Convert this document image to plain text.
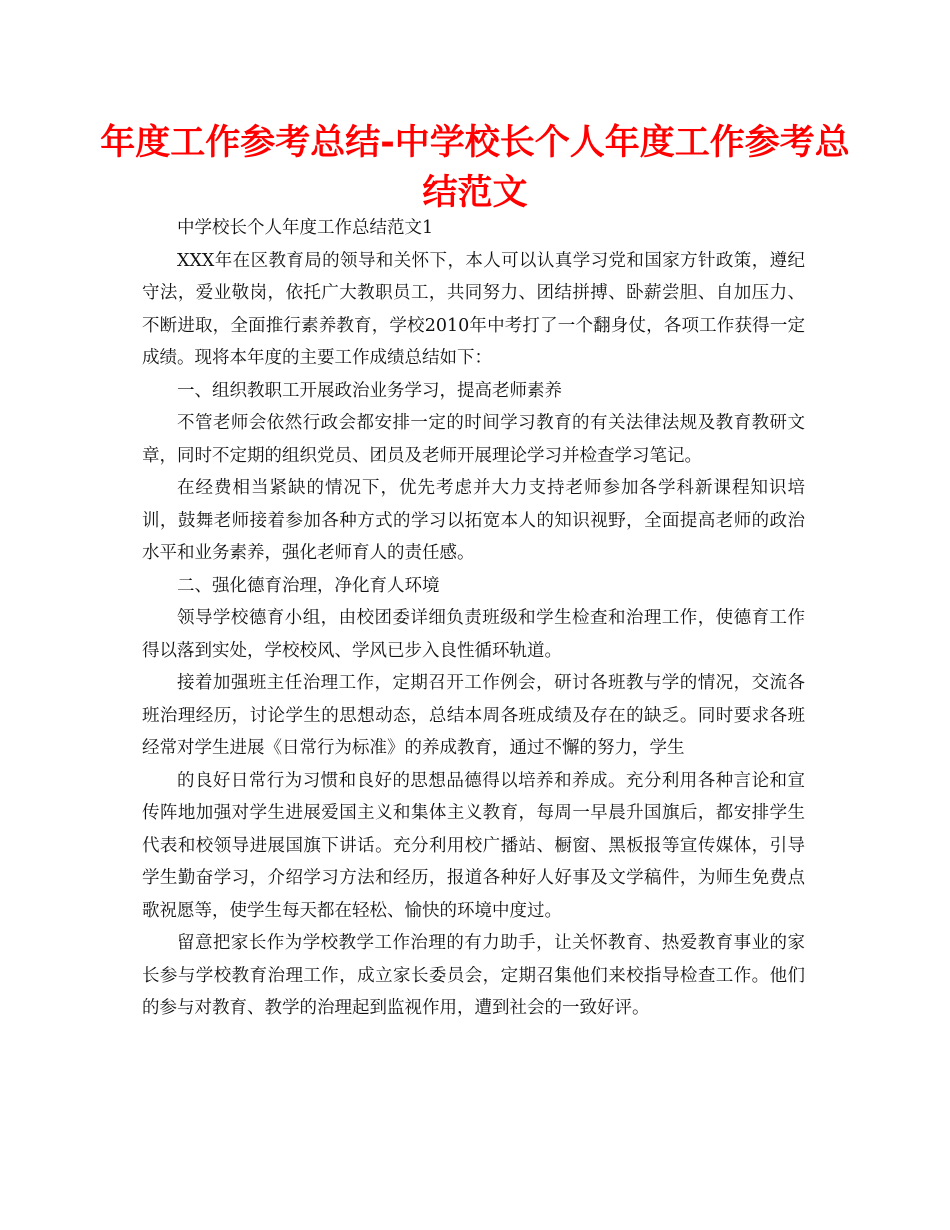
年度工作参考总结-中学校长个人年度工作参考总结范文

中学校长个人年度工作总结范文1

XXX年在区教育局的领导和关怀下，本人可以认真学习党和国家方针政策，遵纪守法，爱业敬岗，依托广大教职员工，共同努力、团结拼搏、卧薪尝胆、自加压力、不断进取，全面推行素养教育，学校2010年中考打了一个翻身仗，各项工作获得一定成绩。现将本年度的主要工作成绩总结如下：

一、组织教职工开展政治业务学习，提高老师素养

不管老师会依然行政会都安排一定的时间学习教育的有关法律法规及教育教研文章，同时不定期的组织党员、团员及老师开展理论学习并检查学习笔记。

在经费相当紧缺的情况下，优先考虑并大力支持老师参加各学科新课程知识培训，鼓舞老师接着参加各种方式的学习以拓宽本人的知识视野，全面提高老师的政治水平和业务素养，强化老师育人的责任感。

二、强化德育治理，净化育人环境

领导学校德育小组，由校团委详细负责班级和学生检查和治理工作，使德育工作得以落到实处，学校校风、学风已步入良性循环轨道。

接着加强班主任治理工作，定期召开工作例会，研讨各班教与学的情况，交流各班治理经历，讨论学生的思想动态，总结本周各班成绩及存在的缺乏。同时要求各班经常对学生进展《日常行为标准》的养成教育，通过不懈的努力，学生

的良好日常行为习惯和良好的思想品德得以培养和养成。充分利用各种言论和宣传阵地加强对学生进展爱国主义和集体主义教育，每周一早晨升国旗后，都安排学生代表和校领导进展国旗下讲话。充分利用校广播站、橱窗、黑板报等宣传媒体，引导学生勤奋学习，介绍学习方法和经历，报道各种好人好事及文学稿件，为师生免费点歌祝愿等，使学生每天都在轻松、愉快的环境中度过。

留意把家长作为学校教学工作治理的有力助手，让关怀教育、热爱教育事业的家长参与学校教育治理工作，成立家长委员会，定期召集他们来校指导检查工作。他们的参与对教育、教学的治理起到监视作用，遭到社会的一致好评。
